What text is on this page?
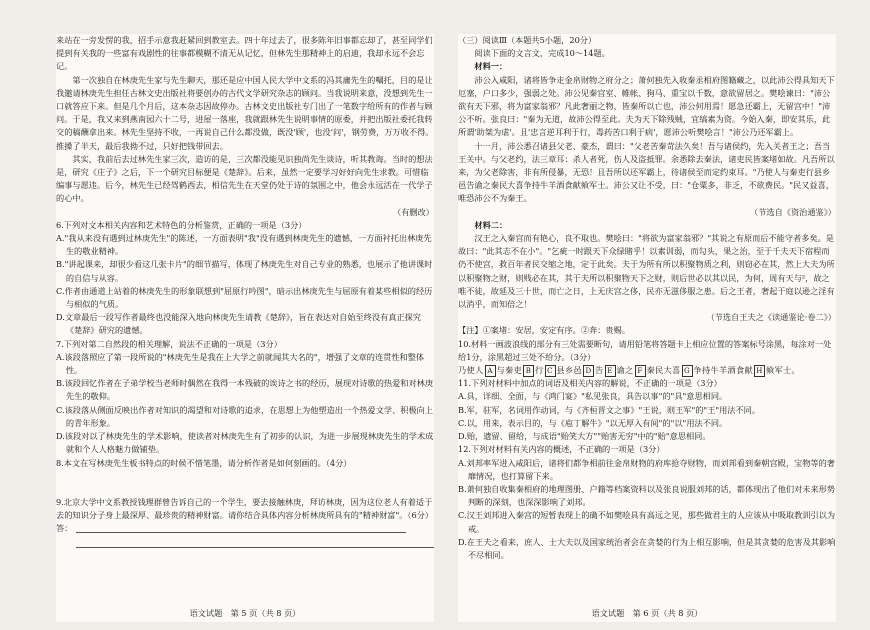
来站在一旁发愣的我，招手示意我赶紧回到教室去。四十年过去了，很多陈年旧事都忘却了，甚至同学们提到有关我的一些富有戏剧性的往事都模糊不清无从记忆，但林先生那精神上的启迪，我却永远不会忘记。

第一次独自在林庚先生家与先生聊天，那还是应中国人民大学中文系的冯其庸先生的嘱托，目的是让我邀请林庚先生担任古林文史出版社将要创办的古代文学研究杂志的顾问。当我说明来意，没想到先生一口就答应下来。但是几个月后，这本杂志因故停办。古林文史出版社专门出了一笔数字给所有的作者与顾问。于是，我又来到燕南园六十二号，进屋一落座，我就跟林先生说明事情的原委，并把出版社委托我转交的稿酬拿出来。林先生坚持不收，一再说自己什么都没做，既没'顾'，也没'问'，钢劳费，万万收不得。推搡了半天，最后我拗不过，只好把钱带回去。

其实，我前后去过林先生家三次，造访的是，三次都没能见识独尚先生谈诗，听其教诲。当时的想法是，研究《庄子》之后，下一个研究目标便是《楚辞》。后来，虽然一定要学习好好向先生求教。可惜临编事与愿违。后今，林先生已经驾鹤西去，相信先生在天堂仍处于诗的氛围之中，他会永远活在一代学子的心中。

（有删改）

6.下列对文本相关内容和艺术特色的分析鉴赏，正确的一项是（3分）

A."我从来没有遇到过林庚先生"的陈述，一方面表明"我"没有遇到林庚先生的遗憾，一方面衬托出林庚先生的敬业精神。

B."讲起课来，却很少看这几张卡片"的细节描写，体现了林庚先生对自己专业的熟悉，也展示了他讲课时的自信与从容。

C.作者由通道上站着的林庚先生的形象联想到"屈原行吟图"，暗示出林庚先生与屈原有着某些相似的经历与相似的气质。

D.文章最后一段写作者最终也没能深入地向林庚先生请教《楚辞》，旨在表达对自始至终没有真正探究《楚辞》研究的遗憾。

7.下列对第二自然段的相关理解，说法不正确的一项是（3分）

A.该段落照应了第一段所说的"林庚先生是我在上大学之前就闻其大名的"，增强了文章的连贯性和整体性。

B.该段回忆作者在子弟学校当老师时偶然在我得一本残破的诶诗之书的经历，展现对诗歌的热爱和对林庚先生的敬仰。

C.该段落从侧面反映出作者对知识的渴望和对诗歌的追求，在思想上为他塑造出一个热爱文学、积极向上的青年形象。

D.该段对以了林庚先生的学术影响，使读者对林庚先生有了初步的认识，为进一步展现林庚先生的学术成就和个人人格魅力做铺垫。

8.本文在写林庚先生板书特点的时候不惜笔墨，请分析作者是如何刻画的。（4分）

9.北京大学中文系教授钱理群曾告诉自己的一个学生，要去接触林庚，拜访林庚，因为这位老人有着适于去的知识分子身上最深厚、最珍贵的精神财富。请你结合具体内容分析林庚所具有的"精神财富"。（6分）

答：

语文试题　第 5 页（共 8 页）

（三）阅读Ⅲ（本题共5小题，20分）

阅读下面的文言文，完成10～14题。

材料一：

沛公入咸阳，诸将皆争走金帛财物之府分之；萧何独先入收秦丞相府图籍藏之，以此沛公得具知天下厄塞，户口多少，强弱之处。沛公见秦宫室、帷帐、狗马、重宝以千数，意欲留居之。樊哙谏曰："沛公欲有天下邪，将为富家翁邪？凡此奢丽之物，皆秦所以亡也，沛公何用焉！愿急还霸上，无留宫中！"沛公不听。张良曰："秦为无道，故沛公得至此。夫为天下除残贼，宜缟素为资。今始入秦，即安其乐，此所谓'助桀为虐'。且'忠言逆耳利于行，毒药苦口利于病'，愿沛公听樊哙言！"沛公乃还军霸上。

十一月，沛公悉召诸县父老、豪杰，谓曰："父老苦秦苛法久矣！吾与诸侯约，先入关者王之；吾当王关中。与父老约，法三章耳：杀人者死，伤人及盗抵罪。余悉除去秦法，诸吏民皆案堵如故。凡吾所以来，为父老除害，非有所侵暴，无恐！且吾所以还军霸上，待诸侯至而定约束耳。"乃使人与秦吏行县乡邑告谕之秦民大喜争持牛羊酒食献飨军士。沛公又让不受，曰："仓粟多，非乏，不欲费民。"民又益喜，唯恐沛公不为秦王。

（节选自《资治通鉴》）

材料二：

汉王之入秦宫而有艳心，良不取也。樊哙曰："将欲为富家翁邪？"其说之有原而后不能守者多矣。是故曰："此其志不在小"。"乞疵一时跟天下众绿睹乎！以素训弱，而勾头，果之治，至于千夫天下宿程而仍不使宫，救百年者民交缩之地，定于此矣。夫于为所有所以积聚物质之利，则窃必在其，然上大夫为所以积聚物之财，则贱必在其，其于夫所以积聚物天下之财，则后世必以其以民，为何，周有天与²，故之唯不徒，故延及三十世，而亡之日，上无庆宫之侈，民亦无滋侈服之患。后之王者，奢起于庭以逊之淫有以消乎，而知倍之！

（节选自王夫之《读通鉴论·卷二》）

【注】①案堵：安居，安定有序。②奔：贵赐。

10.材料一画波浪线的部分有三处需要断句，请用铅笔将答题卡上相应位置的答案标号涂黑，每涂对一处给1分，涂黑超过三处不给分。（3分）

乃使人 A 与秦吏 B 行 C 县乡邑 D 告 E 谕之 F 秦民大喜 G 争持牛羊酒食献 H 飨军士。

11.下列对材料中加点的词语及相关内容的解说，不正确的一项是（3分）

A.具，详细、全面，与《鸿门宴》"私见张良，具告以事"的"具"意思相同。

B.军，驻军，名词用作动词，与《齐桓晋文之事》"王说，则王军"的"王"用法不同。

C.以，用来，表示目的，与《庖丁解牛》"以无厚入有间"的"以"用法不同。

D.贻，遗留、留给，与成语"贻笑大方""贻害无穷"中的"贻"意思相同。

12.下列对材料有关内容的概述，不正确的一项是（3分）

A.刘邦率军进入咸阳后，诸将们都争相前往金帛财物的府库抢夺财物，而刘邦看到秦朝宫殿，宝物等的奢靡情况，也打算留下来。

B.萧何独自收集秦相府的地理图册、户籍等档案资料以及张良说服刘邦的话，都体现出了他们对未来形势判断的深刻，也深深影响了刘邦。

C.汉王刘邦进入秦宫的短暂表现上的确不如樊哙具有高远之见，那些做君主的人应该从中吸取教训引以为戒。

D.在王夫之看来，庶人、士大夫以及国家统治者会在贪婪的行为上相互影响，但是其贪婪的危害及其影响不尽相同。

语文试题　第 6 页（共 8 页）
